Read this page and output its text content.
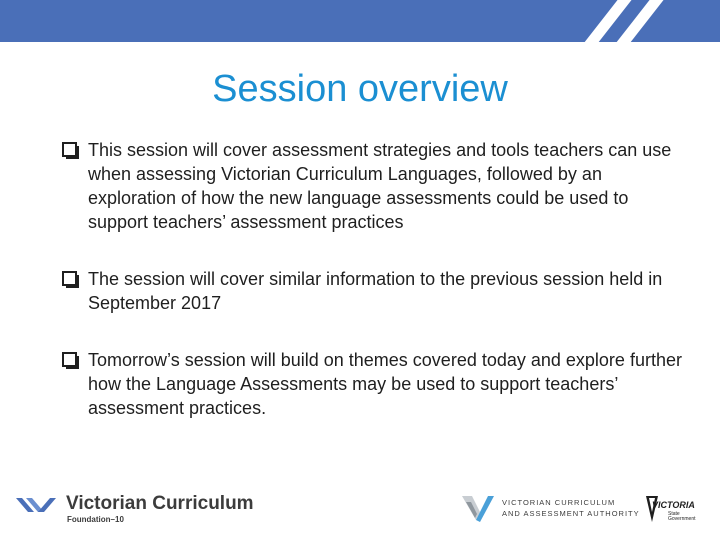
Session overview
This session will cover assessment strategies and tools teachers can use when assessing Victorian Curriculum Languages, followed by an exploration of how the new language assessments could be used to support teachers’ assessment practices
The session will cover similar information to the previous session held in September 2017
Tomorrow’s session will build on themes covered today and explore further how the Language Assessments may be used to support teachers’ assessment practices.
Victorian Curriculum
Foundation–10
VICTORIAN CURRICULUM
AND ASSESSMENT AUTHORITY
VICTORIA
State
Government
